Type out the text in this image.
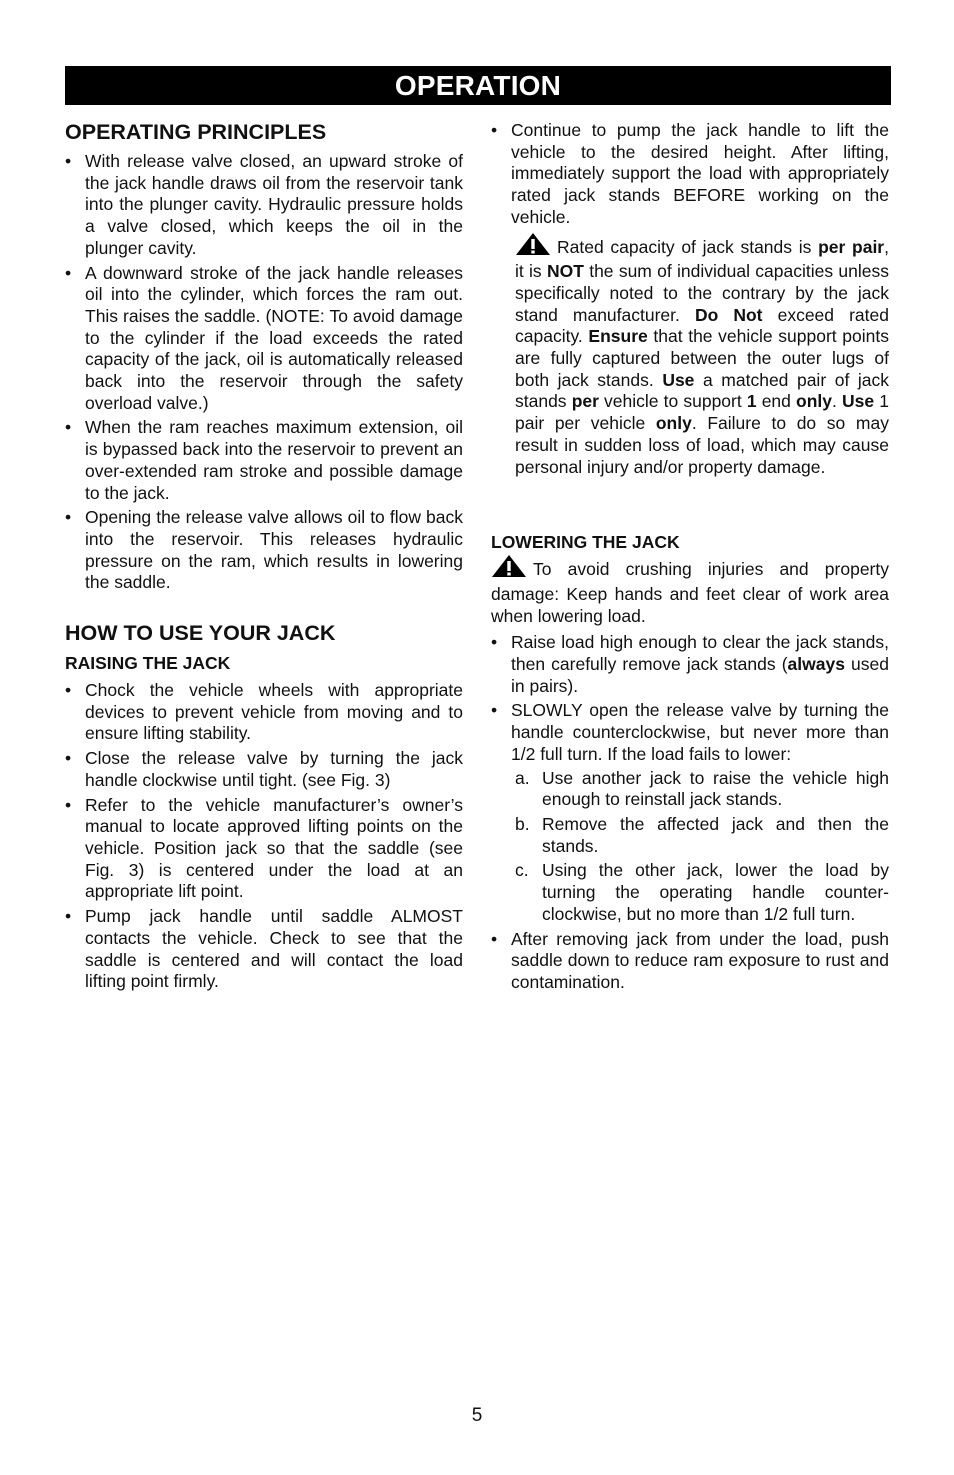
OPERATION
OPERATING PRINCIPLES
• With release valve closed, an upward stroke of the jack handle draws oil from the reservoir tank into the plunger cavity. Hydraulic pressure holds a valve closed, which keeps the oil in the plunger cavity.
• A downward stroke of the jack handle releases oil into the cylinder, which forces the ram out. This raises the saddle. (NOTE: To avoid damage to the cylinder if the load exceeds the rated capacity of the jack, oil is automatically released back into the reservoir through the safety overload valve.)
• When the ram reaches maximum extension, oil is bypassed back into the reservoir to prevent an over-extended ram stroke and possible damage to the jack.
• Opening the release valve allows oil to flow back into the reservoir. This releases hydraulic pressure on the ram, which results in lowering the saddle.
HOW TO USE YOUR JACK
RAISING THE JACK
• Chock the vehicle wheels with appropriate devices to prevent vehicle from moving and to ensure lifting stability.
• Close the release valve by turning the jack handle clockwise until tight. (see Fig. 3)
• Refer to the vehicle manufacturer’s owner’s manual to locate approved lifting points on the vehicle. Position jack so that the saddle (see Fig. 3) is centered under the load at an appropriate lift point.
• Pump jack handle until saddle ALMOST contacts the vehicle. Check to see that the saddle is centered and will contact the load lifting point firmly.
• Continue to pump the jack handle to lift the vehicle to the desired height. After lifting, immediately support the load with appropriately rated jack stands BEFORE working on the vehicle.
Rated capacity of jack stands is per pair, it is NOT the sum of individual capacities unless specifically noted to the contrary by the jack stand manufacturer. Do Not exceed rated capacity. Ensure that the vehicle support points are fully captured between the outer lugs of both jack stands. Use a matched pair of jack stands per vehicle to support 1 end only. Use 1 pair per vehicle only. Failure to do so may result in sudden loss of load, which may cause personal injury and/or property damage.
LOWERING THE JACK
To avoid crushing injuries and property damage: Keep hands and feet clear of work area when lowering load.
• Raise load high enough to clear the jack stands, then carefully remove jack stands (always used in pairs).
• SLOWLY open the release valve by turning the handle counterclockwise, but never more than 1/2 full turn. If the load fails to lower:
a. Use another jack to raise the vehicle high enough to reinstall jack stands.
b. Remove the affected jack and then the stands.
c. Using the other jack, lower the load by turning the operating handle counter-clockwise, but no more than 1/2 full turn.
• After removing jack from under the load, push saddle down to reduce ram exposure to rust and contamination.
5
